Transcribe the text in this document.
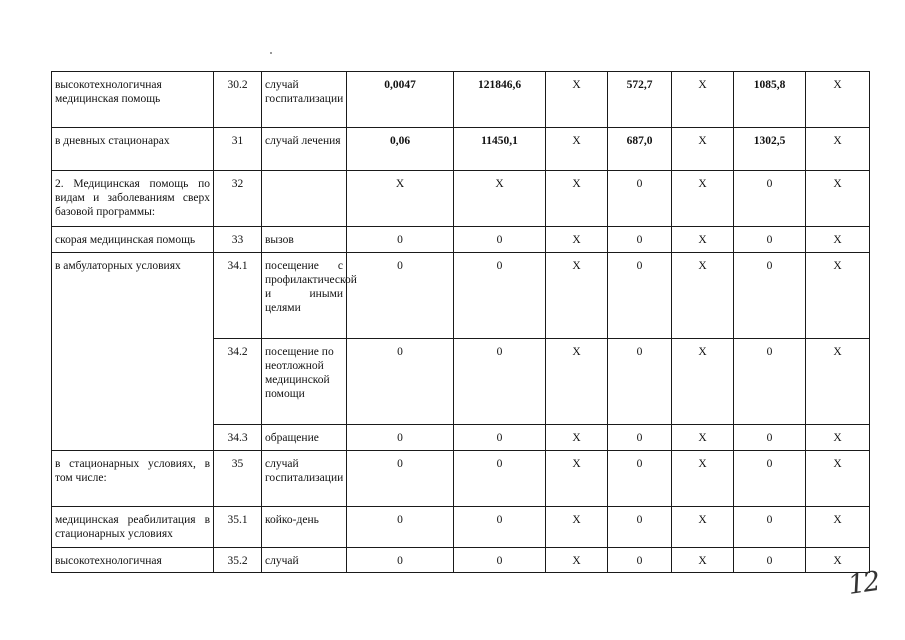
высокотехнологичная медицинская помощь	30.2	случай госпитализации	0,0047	121846,6	X	572,7	X	1085,8	X
в дневных стационарах	31	случай лечения	0,06	11450,1	X	687,0	X	1302,5	X
2. Медицинская помощь по видам и заболеваниям сверх базовой программы:	32		X	X	X	0	X	0	X
скорая медицинская помощь	33	вызов	0	0	X	0	X	0	X
в амбулаторных условиях	34.1	посещение с профилактической и иными целями	0	0	X	0	X	0	X
	34.2	посещение по неотложной медицинской помощи	0	0	X	0	X	0	X
	34.3	обращение	0	0	X	0	X	0	X
в стационарных условиях, в том числе:	35	случай госпитализации	0	0	X	0	X	0	X
медицинская реабилитация в стационарных условиях	35.1	койко-день	0	0	X	0	X	0	X
высокотехнологичная	35.2	случай	0	0	X	0	X	0	X
12
